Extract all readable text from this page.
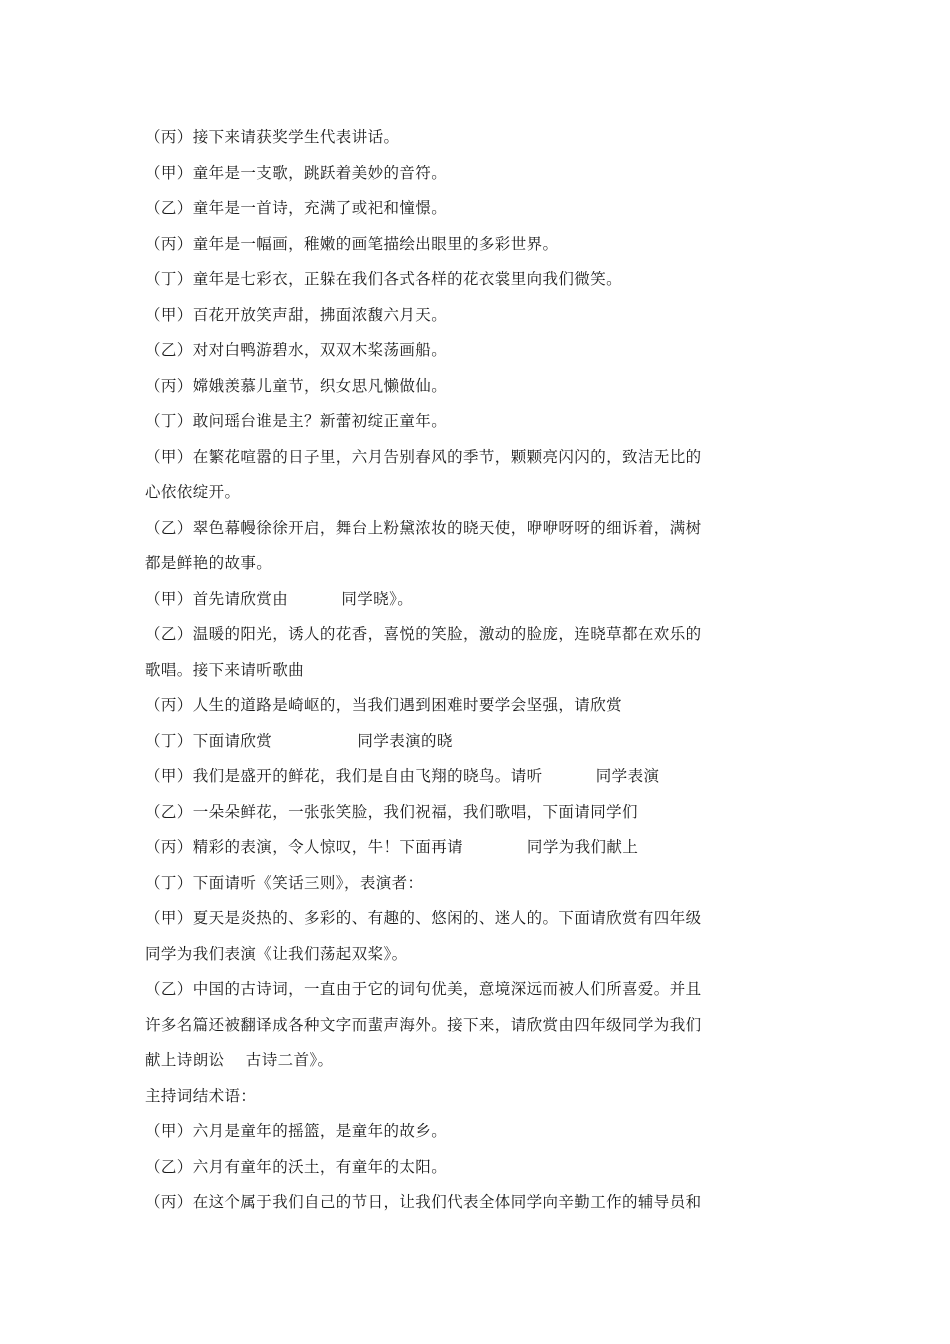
（丙）接下来请获奖学生代表讲话。
（甲）童年是一支歌，跳跃着美妙的音符。
（乙）童年是一首诗，充满了或祀和憧憬。
（丙）童年是一幅画，稚嫩的画笔描绘出眼里的多彩世界。
（丁）童年是七彩衣，正躲在我们各式各样的花衣裳里向我们微笑。
（甲）百花开放笑声甜，拂面浓馥六月天。
（乙）对对白鸭游碧水，双双木桨荡画船。
（丙）嫦娥羡慕儿童节，织女思凡懒做仙。
（丁）敢问瑶台谁是主？新蕾初绽正童年。
（甲）在繁花喧嚣的日子里，六月告别春风的季节，颗颗亮闪闪的，致洁无比的
心依依绽开。
（乙）翠色幕幔徐徐开启，舞台上粉黛浓妆的晓天使，咿咿呀呀的细诉着，满树
都是鲜艳的故事。
（甲）首先请欣赏由          同学晓》。
（乙）温暖的阳光，诱人的花香，喜悦的笑脸，激动的脸庞，连晓草都在欢乐的
歌唱。接下来请听歌曲
（丙）人生的道路是崎岖的，当我们遇到困难时要学会坚强，请欣赏
（丁）下面请欣赏                同学表演的晓
（甲）我们是盛开的鲜花，我们是自由飞翔的晓鸟。请听          同学表演
（乙）一朵朵鲜花，一张张笑脸，我们祝福，我们歌唱，下面请同学们
（丙）精彩的表演，令人惊叹，牛！下面再请            同学为我们献上
（丁）下面请听《笑话三则》，表演者：
（甲）夏天是炎热的、多彩的、有趣的、悠闲的、迷人的。下面请欣赏有四年级
同学为我们表演《让我们荡起双桨》。
（乙）中国的古诗词，一直由于它的词句优美，意境深远而被人们所喜爱。并且
许多名篇还被翻译成各种文字而蜚声海外。接下来，请欣赏由四年级同学为我们
献上诗朗讼    古诗二首》。
主持词结术语：
（甲）六月是童年的摇篮，是童年的故乡。
（乙）六月有童年的沃土，有童年的太阳。
（丙）在这个属于我们自己的节日，让我们代表全体同学向辛勤工作的辅导员和
